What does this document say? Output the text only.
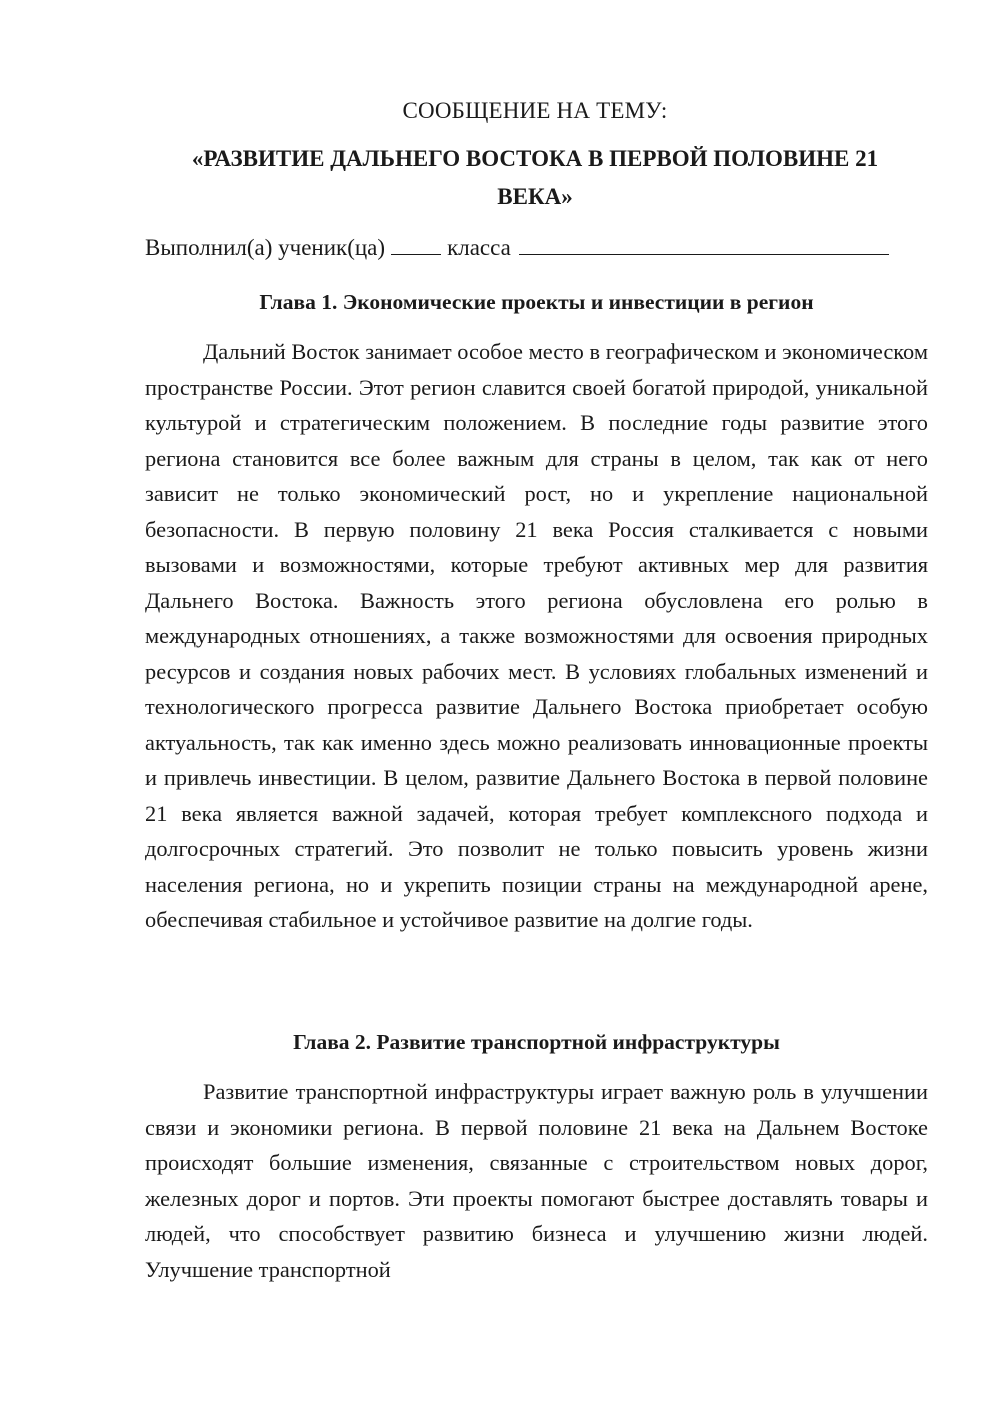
СООБЩЕНИЕ НА ТЕМУ:
«РАЗВИТИЕ ДАЛЬНЕГО ВОСТОКА В ПЕРВОЙ ПОЛОВИНЕ 21 ВЕКА»
Выполнил(а) ученик(ца)	класса
Глава 1. Экономические проекты и инвестиции в регион

Дальний Восток занимает особое место в географическом и экономическом пространстве России. Этот регион славится своей богатой природой, уникальной культурой и стратегическим положением. В последние годы развитие этого региона становится все более важным для страны в целом, так как от него зависит не только экономический рост, но и укрепление национальной безопасности. В первую половину 21 века Россия сталкивается с новыми вызовами и возможностями, которые требуют активных мер для развития Дальнего Востока. Важность этого региона обусловлена его ролью в международных отношениях, а также возможностями для освоения природных ресурсов и создания новых рабочих мест. В условиях глобальных изменений и технологического прогресса развитие Дальнего Востока приобретает особую актуальность, так как именно здесь можно реализовать инновационные проекты и привлечь инвестиции. В целом, развитие Дальнего Востока в первой половине 21 века является важной задачей, которая требует комплексного подхода и долгосрочных стратегий. Это позволит не только повысить уровень жизни населения региона, но и укрепить позиции страны на международной арене, обеспечивая стабильное и устойчивое развитие на долгие годы.

Глава 2. Развитие транспортной инфраструктуры

Развитие транспортной инфраструктуры играет важную роль в улучшении связи и экономики региона. В первой половине 21 века на Дальнем Востоке происходят большие изменения, связанные с строительством новых дорог, железных дорог и портов. Эти проекты помогают быстрее доставлять товары и людей, что способствует развитию бизнеса и улучшению жизни людей. Улучшение транспортной
